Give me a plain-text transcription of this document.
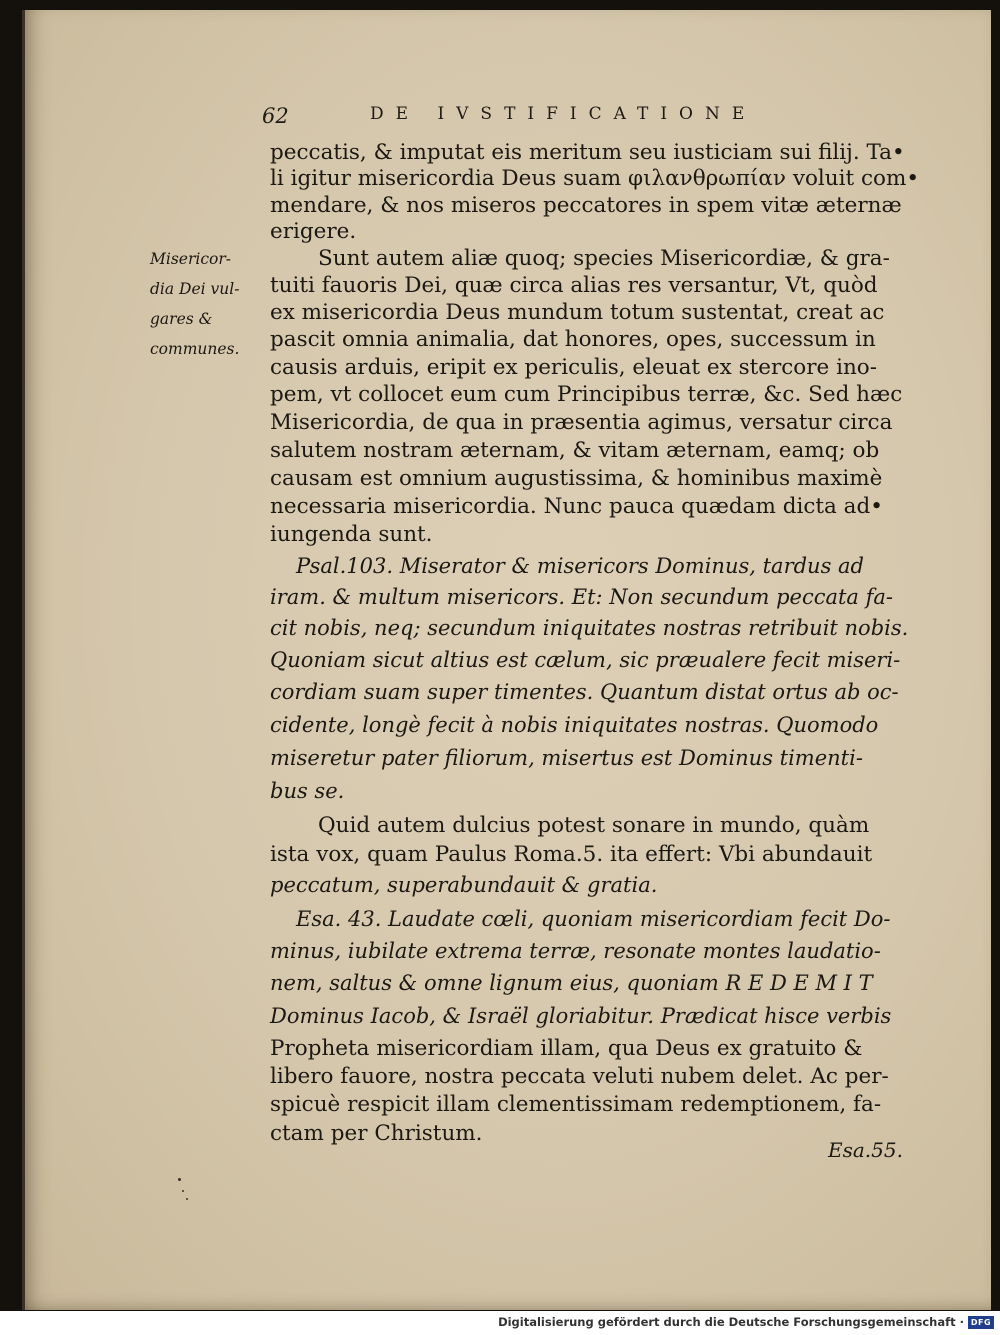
62	DE IVSTIFICATIONE
peccatis, & imputat eis meritum seu iusticiam sui filij. Ta•
li igitur misericordia Deus suam φιλανθρωπίαν voluit com•
mendare, & nos miseros peccatores in spem vitæ æternæ
erigere.
Sunt autem aliæ quoq; species Misericordiæ, & gra-
tuiti fauoris Dei, quæ circa alias res versantur, Vt, quòd
ex misericordia Deus mundum totum sustentat, creat ac
pascit omnia animalia, dat honores, opes, successum in
causis arduis, eripit ex periculis, eleuat ex stercore ino-
pem, vt collocet eum cum Principibus terræ, &c. Sed hæc
Misericordia, de qua in præsentia agimus, versatur circa
salutem nostram æternam, & vitam æternam, eamq; ob
causam est omnium augustissima, & hominibus maximè
necessaria misericordia. Nunc pauca quædam dicta ad•
iungenda sunt.
Psal.103. Miserator & misericors Dominus, tardus ad
iram. & multum misericors. Et: Non secundum peccata fa-
cit nobis, neq; secundum iniquitates nostras retribuit nobis.
Quoniam sicut altius est cælum, sic præualere fecit miseri-
cordiam suam super timentes. Quantum distat ortus ab oc-
cidente, longè fecit à nobis iniquitates nostras. Quomodo
miseretur pater filiorum, misertus est Dominus timenti-
bus se.
Quid autem dulcius potest sonare in mundo, quàm
ista vox, quam Paulus Roma.5. ita effert: Vbi abundauit
peccatum, superabundauit & gratia.
Esa. 43. Laudate cœli, quoniam misericordiam fecit Do-
minus, iubilate extrema terræ, resonate montes laudatio-
nem, saltus & omne lignum eius, quoniam R E D E M I T
Dominus Iacob, & Israël gloriabitur. Prædicat hisce verbis
Propheta misericordiam illam, qua Deus ex gratuito &
libero fauore, nostra peccata veluti nubem delet. Ac per-
spicuè respicit illam clementissimam redemptionem, fa-
ctam per Christum.
Misericor-
dia Dei vul-
gares &
communes.
Esa.55.
Digitalisierung gefördert durch die Deutsche Forschungsgemeinschaft · DFG
